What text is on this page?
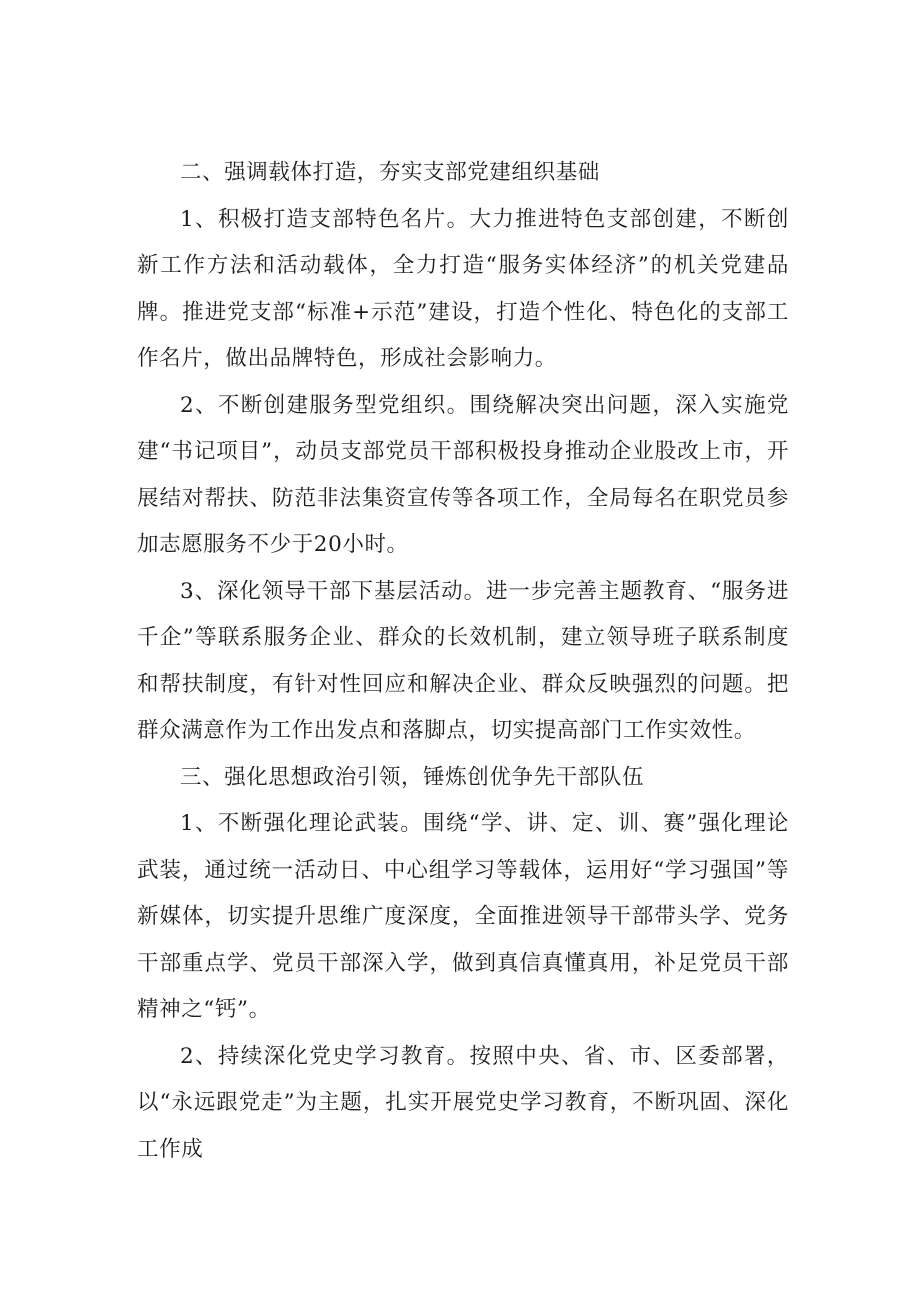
二、强调载体打造，夯实支部党建组织基础

1、积极打造支部特色名片。大力推进特色支部创建，不断创新工作方法和活动载体，全力打造“服务实体经济”的机关党建品牌。推进党支部“标准+示范”建设，打造个性化、特色化的支部工作名片，做出品牌特色，形成社会影响力。

2、不断创建服务型党组织。围绕解决突出问题，深入实施党建“书记项目”，动员支部党员干部积极投身推动企业股改上市，开展结对帮扶、防范非法集资宣传等各项工作，全局每名在职党员参加志愿服务不少于20小时。

3、深化领导干部下基层活动。进一步完善主题教育、“服务进千企”等联系服务企业、群众的长效机制，建立领导班子联系制度和帮扶制度，有针对性回应和解决企业、群众反映强烈的问题。把群众满意作为工作出发点和落脚点，切实提高部门工作实效性。

三、强化思想政治引领，锤炼创优争先干部队伍

1、不断强化理论武装。围绕“学、讲、定、训、赛”强化理论武装，通过统一活动日、中心组学习等载体，运用好“学习强国”等新媒体，切实提升思维广度深度，全面推进领导干部带头学、党务干部重点学、党员干部深入学，做到真信真懂真用，补足党员干部精神之“钙”。

2、持续深化党史学习教育。按照中央、省、市、区委部署，以“永远跟党走”为主题，扎实开展党史学习教育，不断巩固、深化工作成
